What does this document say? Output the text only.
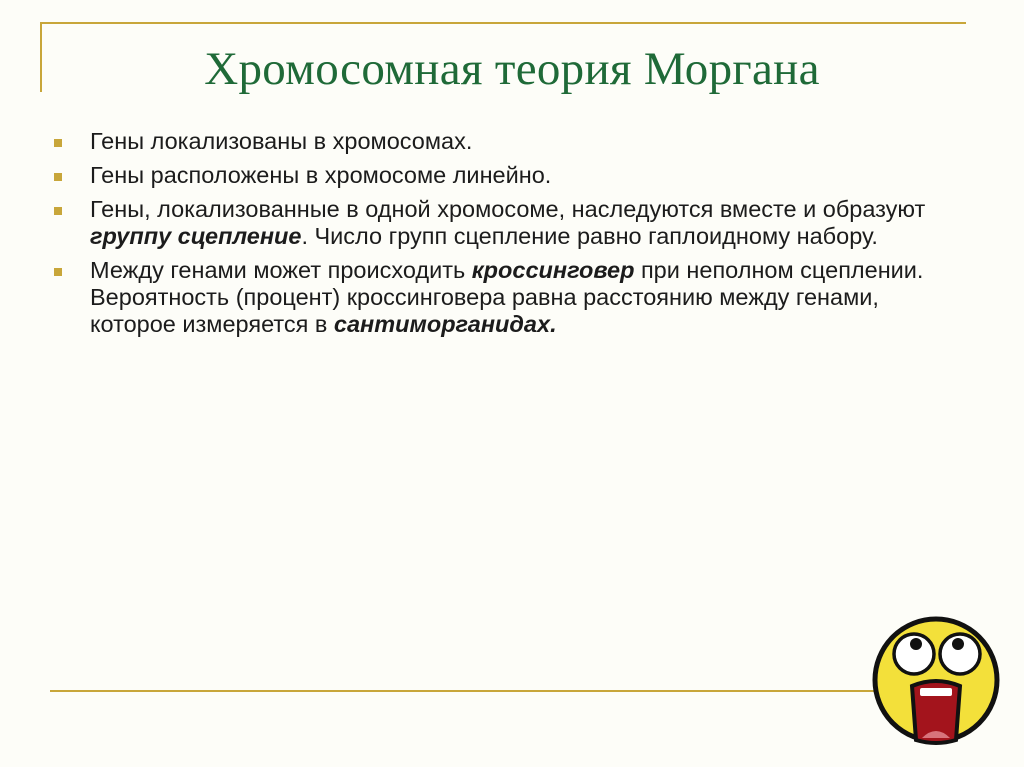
Хромосомная теория Моргана
Гены локализованы в хромосомах.
Гены расположены в хромосоме линейно.
Гены, локализованные в одной хромосоме, наследуются вместе и образуют группу сцепление. Число групп сцепление равно гаплоидному набору.
Между генами может происходить кроссинговер при неполном сцеплении. Вероятность (процент) кроссинговера равна расстоянию между генами, которое измеряется в сантиморганидах.
